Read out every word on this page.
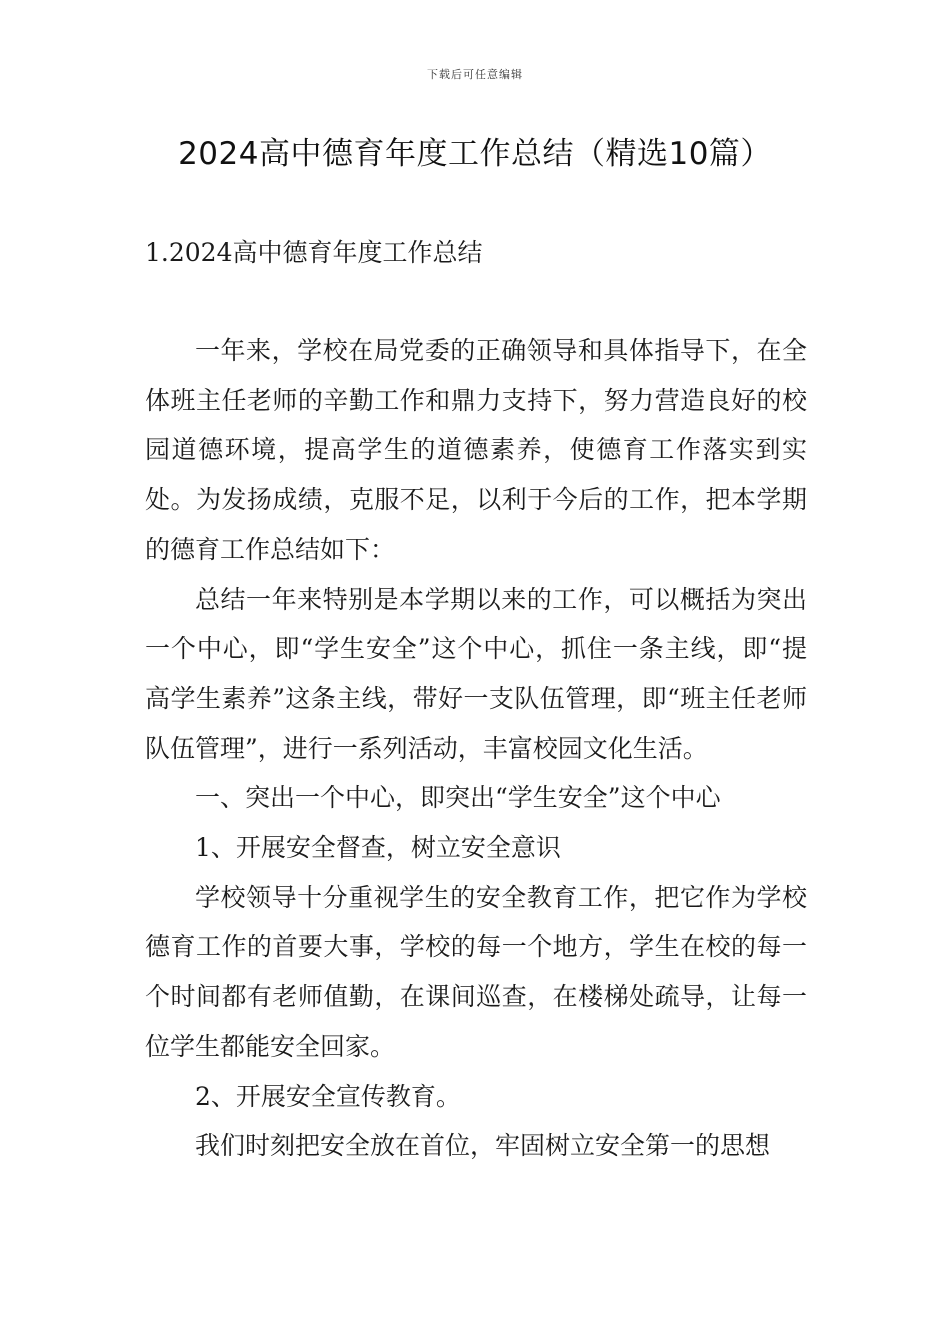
下载后可任意编辑
2024高中德育年度工作总结（精选10篇）
1.2024高中德育年度工作总结

一年来，学校在局党委的正确领导和具体指导下，在全体班主任老师的辛勤工作和鼎力支持下，努力营造良好的校园道德环境，提高学生的道德素养，使德育工作落实到实处。为发扬成绩，克服不足，以利于今后的工作，把本学期的德育工作总结如下：

总结一年来特别是本学期以来的工作，可以概括为突出一个中心，即“学生安全”这个中心，抓住一条主线，即“提高学生素养”这条主线，带好一支队伍管理，即“班主任老师队伍管理”，进行一系列活动，丰富校园文化生活。

一、突出一个中心，即突出“学生安全”这个中心

1、开展安全督查，树立安全意识

学校领导十分重视学生的安全教育工作，把它作为学校德育工作的首要大事，学校的每一个地方，学生在校的每一个时间都有老师值勤，在课间巡查，在楼梯处疏导，让每一位学生都能安全回家。

2、开展安全宣传教育。

我们时刻把安全放在首位，牢固树立安全第一的思想
